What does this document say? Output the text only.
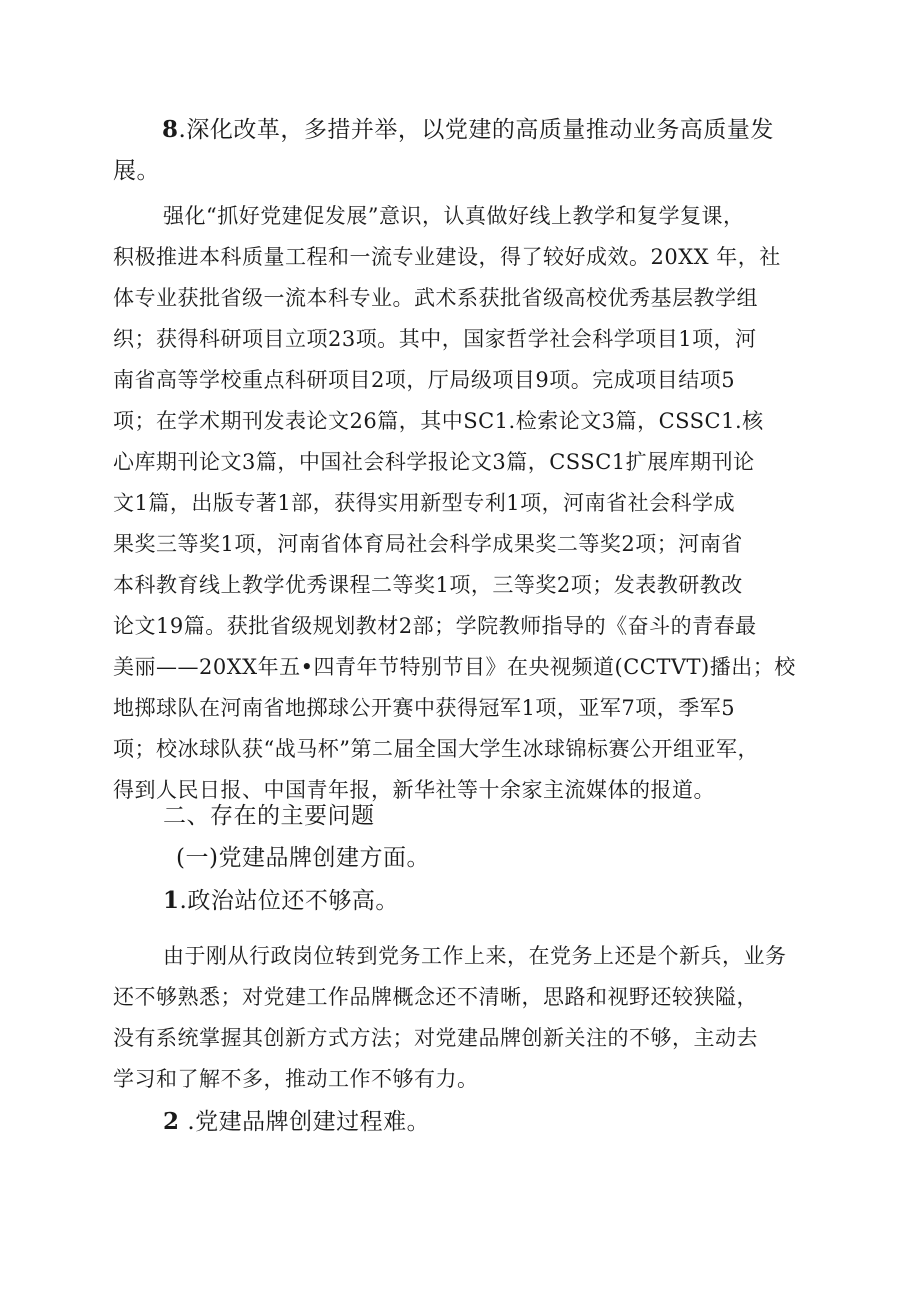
8.深化改革，多措并举，以党建的高质量推动业务高质量发
展。
强化“抓好党建促发展”意识，认真做好线上教学和复学复课，
积极推进本科质量工程和一流专业建设，得了较好成效。20XX 年，社
体专业获批省级一流本科专业。武术系获批省级高校优秀基层教学组
织；获得科研项目立项23项。其中，国家哲学社会科学项目1项，河
南省高等学校重点科研项目2项，厅局级项目9项。完成项目结项5
项；在学术期刊发表论文26篇，其中SC1.检索论文3篇，CSSC1.核
心库期刊论文3篇，中国社会科学报论文3篇，CSSC1扩展库期刊论
文1篇，出版专著1部，获得实用新型专利1项，河南省社会科学成
果奖三等奖1项，河南省体育局社会科学成果奖二等奖2项；河南省
本科教育线上教学优秀课程二等奖1项，三等奖2项；发表教研教改
论文19篇。获批省级规划教材2部；学院教师指导的《奋斗的青春最
美丽——20XX年五•四青年节特别节目》在央视频道(CCTVT)播出；校
地掷球队在河南省地掷球公开赛中获得冠军1项，亚军7项，季军5
项；校冰球队获“战马杯”第二届全国大学生冰球锦标赛公开组亚军，
得到人民日报、中国青年报，新华社等十余家主流媒体的报道。
二、存在的主要问题
(一)党建品牌创建方面。
1.政治站位还不够高。
由于刚从行政岗位转到党务工作上来，在党务上还是个新兵，业务
还不够熟悉；对党建工作品牌概念还不清晰，思路和视野还较狭隘，
没有系统掌握其创新方式方法；对党建品牌创新关注的不够，主动去
学习和了解不多，推动工作不够有力。
2 .党建品牌创建过程难。
